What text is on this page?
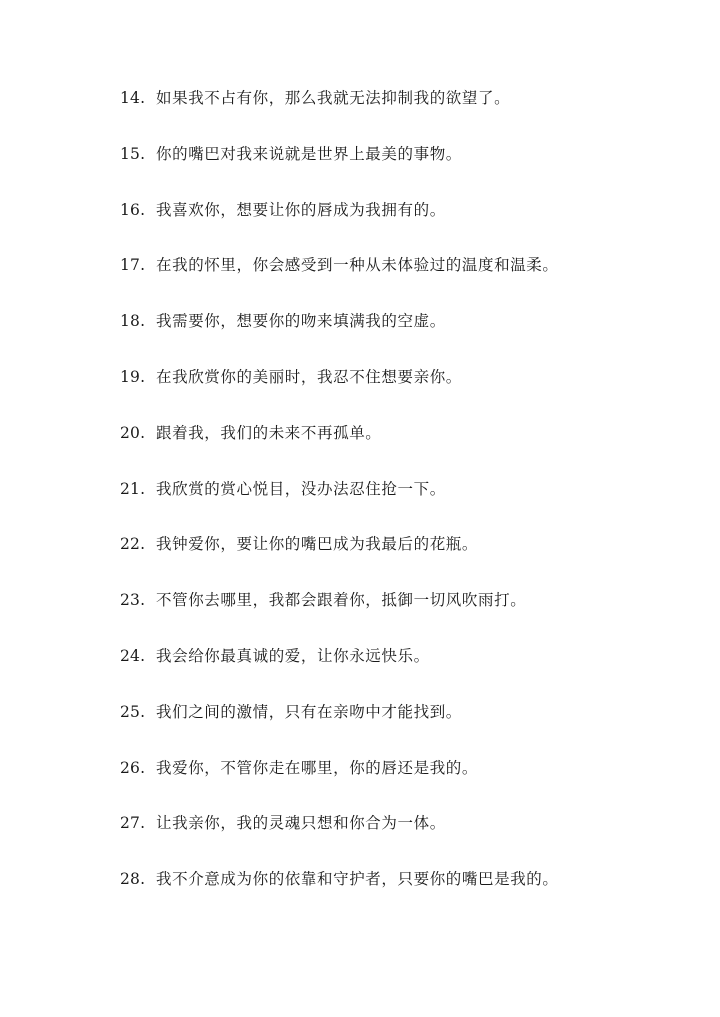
14. 如果我不占有你，那么我就无法抑制我的欲望了。
15. 你的嘴巴对我来说就是世界上最美的事物。
16. 我喜欢你，想要让你的唇成为我拥有的。
17. 在我的怀里，你会感受到一种从未体验过的温度和温柔。
18. 我需要你，想要你的吻来填满我的空虚。
19. 在我欣赏你的美丽时，我忍不住想要亲你。
20. 跟着我，我们的未来不再孤单。
21. 我欣赏的赏心悦目，没办法忍住抢一下。
22. 我钟爱你，要让你的嘴巴成为我最后的花瓶。
23. 不管你去哪里，我都会跟着你，抵御一切风吹雨打。
24. 我会给你最真诚的爱，让你永远快乐。
25. 我们之间的激情，只有在亲吻中才能找到。
26. 我爱你，不管你走在哪里，你的唇还是我的。
27. 让我亲你，我的灵魂只想和你合为一体。
28. 我不介意成为你的依靠和守护者，只要你的嘴巴是我的。
